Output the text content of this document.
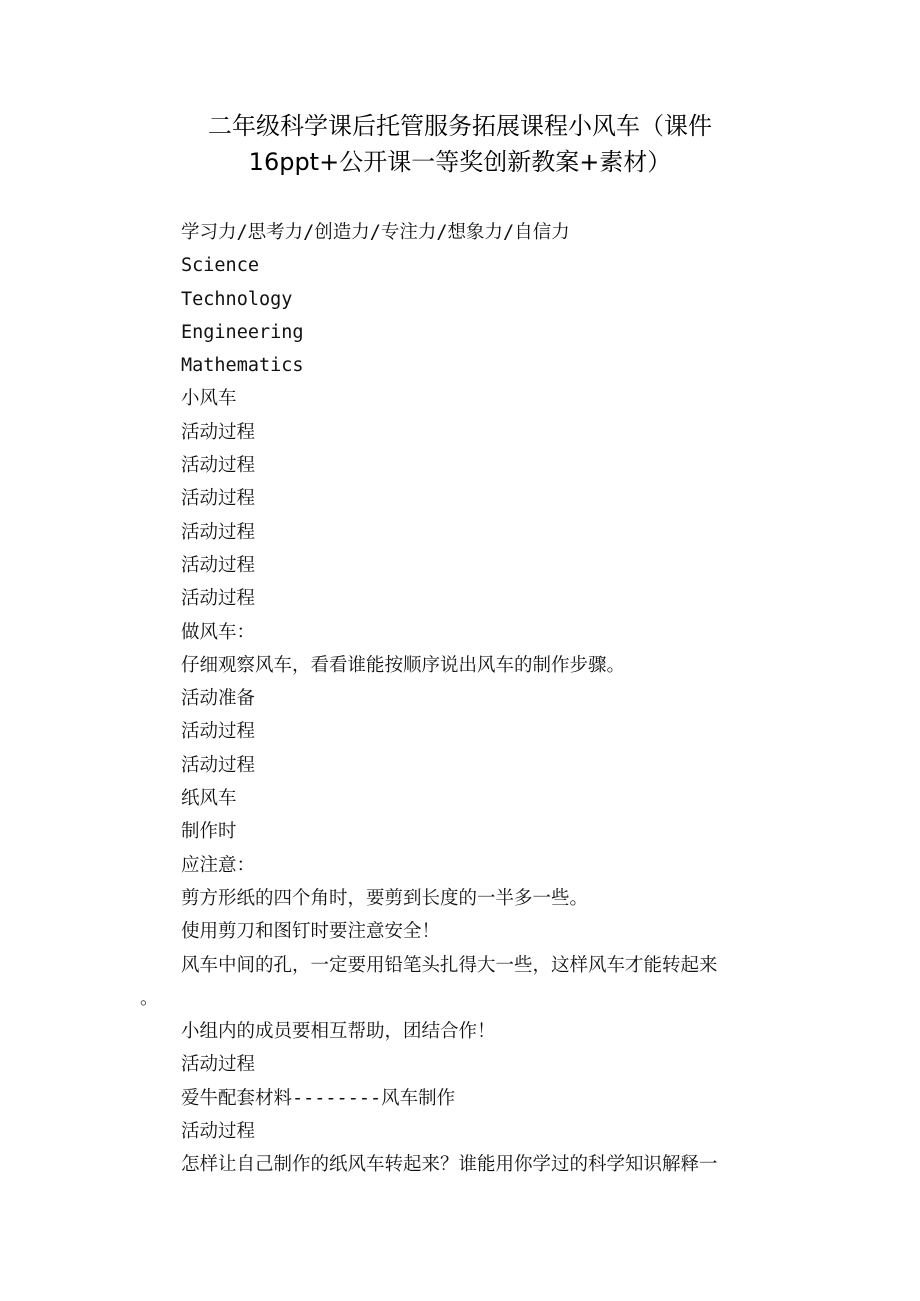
二年级科学课后托管服务拓展课程小风车（课件
16ppt+公开课一等奖创新教案+素材）
学习力/思考力/创造力/专注力/想象力/自信力
Science
Technology
Engineering
Mathematics
小风车
活动过程
活动过程
活动过程
活动过程
活动过程
活动过程
做风车：
仔细观察风车，看看谁能按顺序说出风车的制作步骤。
活动准备
活动过程
活动过程
纸风车
制作时
应注意：
剪方形纸的四个角时，要剪到长度的一半多一些。
使用剪刀和图钉时要注意安全！
风车中间的孔，一定要用铅笔头扎得大一些，这样风车才能转起来
。
小组内的成员要相互帮助，团结合作！
活动过程
爱牛配套材料--------风车制作
活动过程
怎样让自己制作的纸风车转起来？谁能用你学过的科学知识解释一
